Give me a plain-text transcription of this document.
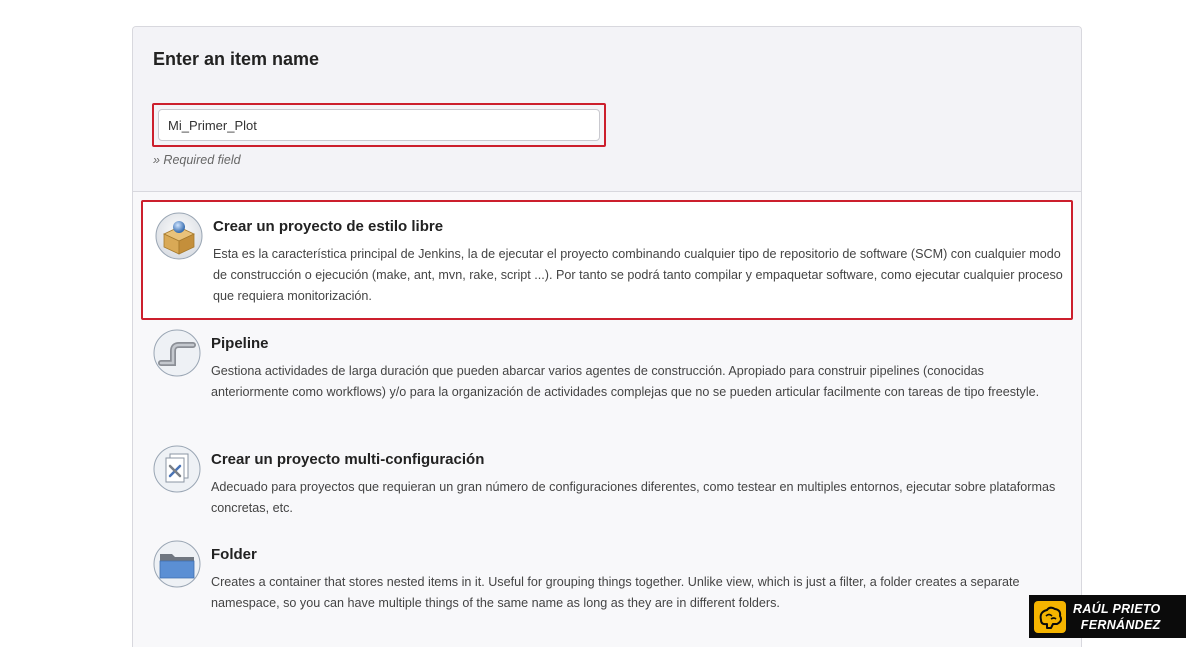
Enter an item name
Mi_Primer_Plot
» Required field
Crear un proyecto de estilo libre

Esta es la característica principal de Jenkins, la de ejecutar el proyecto combinando cualquier tipo de repositorio de software (SCM) con cualquier modo de construcción o ejecución (make, ant, mvn, rake, script ...). Por tanto se podrá tanto compilar y empaquetar software, como ejecutar cualquier proceso que requiera monitorización.

Pipeline

Gestiona actividades de larga duración que pueden abarcar varios agentes de construcción. Apropiado para construir pipelines (conocidas anteriormente como workflows) y/o para la organización de actividades complejas que no se pueden articular facilmente con tareas de tipo freestyle.

Crear un proyecto multi-configuración

Adecuado para proyectos que requieran un gran número de configuraciones diferentes, como testear en multiples entornos, ejecutar sobre plataformas concretas, etc.

Folder

Creates a container that stores nested items in it. Useful for grouping things together. Unlike view, which is just a filter, a folder creates a separate namespace, so you can have multiple things of the same name as long as they are in different folders.	RAÚL PRIETO
FERNÁNDEZ
